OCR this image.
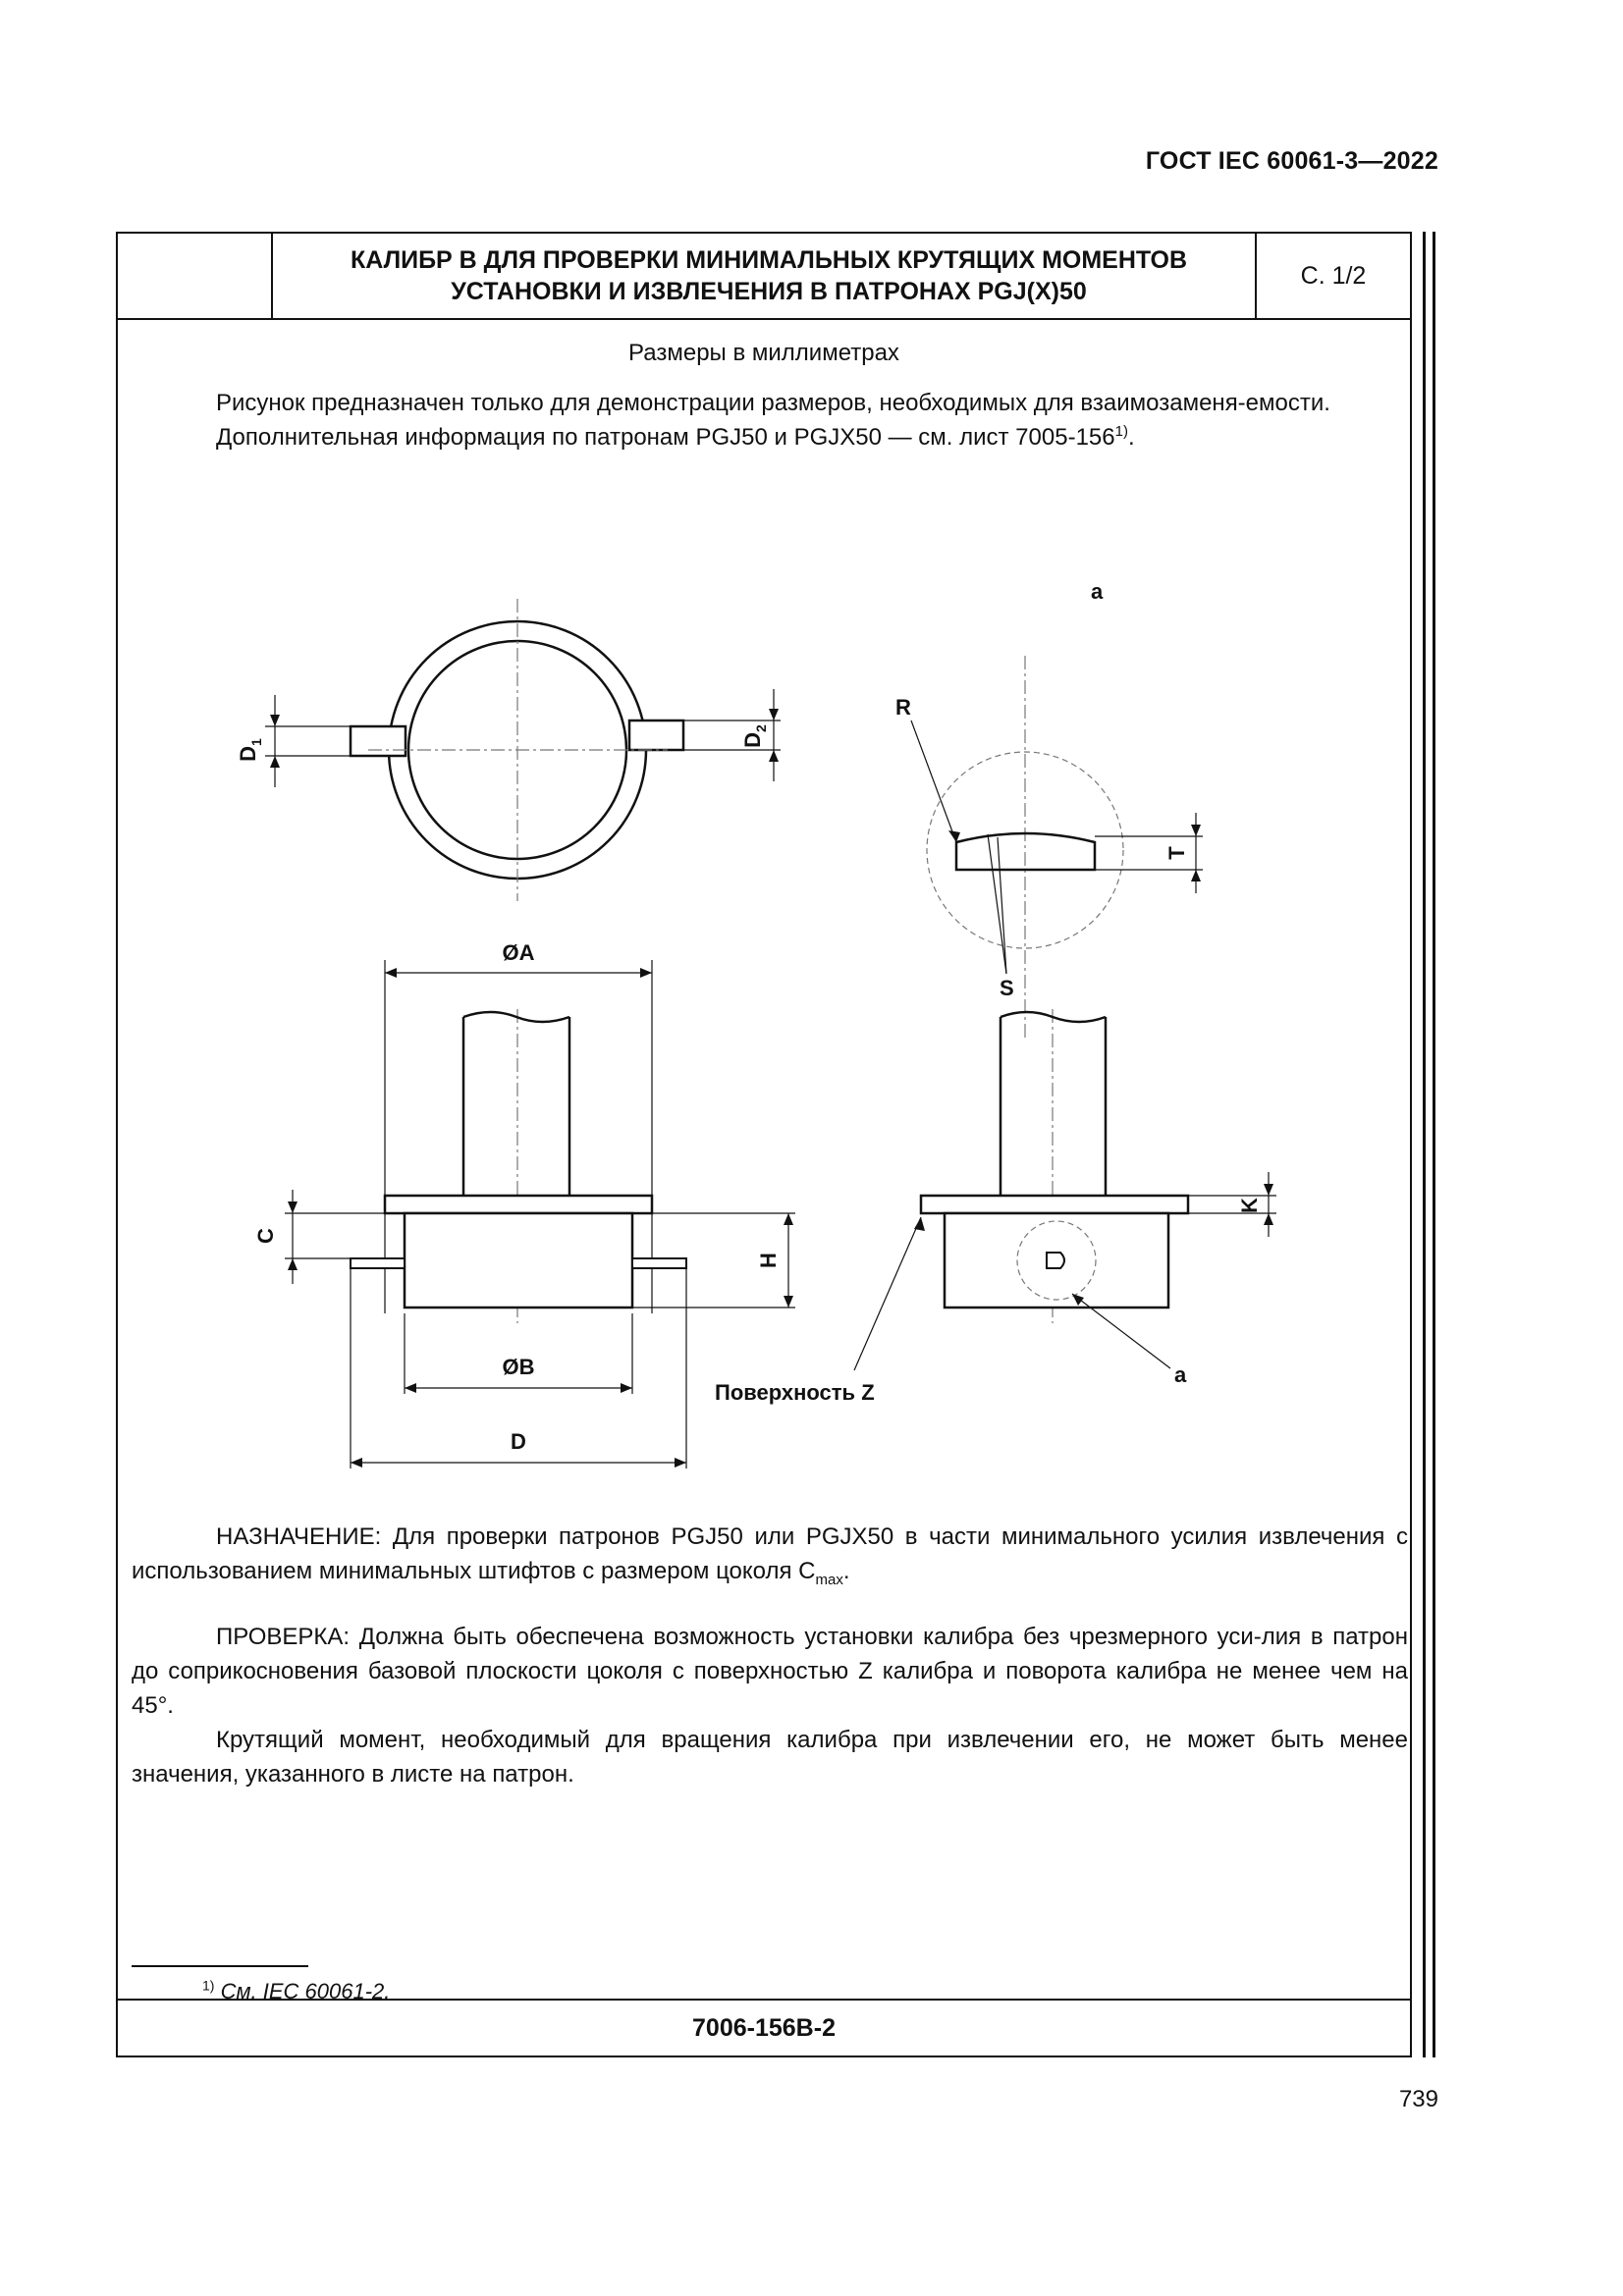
ГОСТ IEC 60061-3—2022
КАЛИБР В ДЛЯ ПРОВЕРКИ МИНИМАЛЬНЫХ КРУТЯЩИХ МОМЕНТОВ
УСТАНОВКИ И ИЗВЛЕЧЕНИЯ В ПАТРОНАХ PGJ(X)50
С. 1/2
Размеры в миллиметрах
Рисунок предназначен только для демонстрации размеров, необходимых для взаимозаменя-емости.
Дополнительная информация по патронам PGJ50 и PGJX50 — см. лист 7005-156$^{1)}$.
$D_1$	$D_2$
a
R
S
T
ØA
C
H
ØB
D
K
a
Поверхность Z
НАЗНАЧЕНИЕ: Для проверки патронов PGJ50 или PGJX50 в части минимального усилия извлечения с использованием минимальных штифтов с размером цоколя $C_{max}$.
ПРОВЕРКА: Должна быть обеспечена возможность установки калибра без чрезмерного уси-лия в патрон до соприкосновения базовой плоскости цоколя с поверхностью Z калибра и поворота калибра не менее чем на 45°.
Крутящий момент, необходимый для вращения калибра при извлечении его, не может быть менее значения, указанного в листе на патрон.
$^{1)}$ См. IEC 60061-2.
7006-156B-2
739
